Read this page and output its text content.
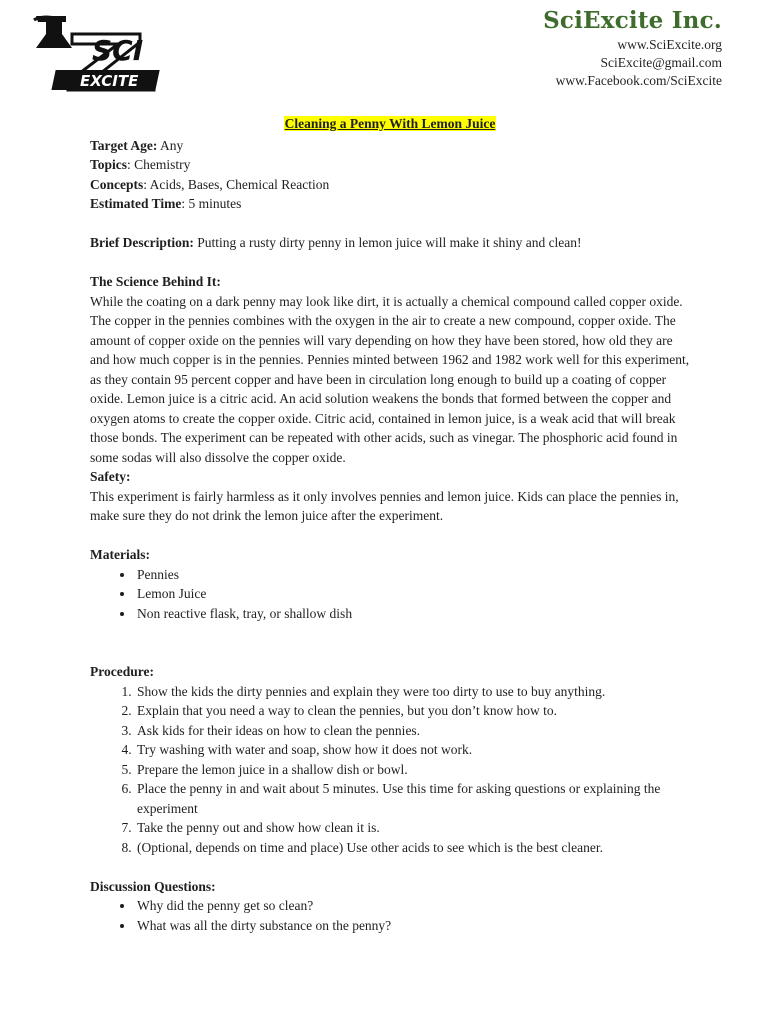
SCI
EXCITE
SciExcite Inc.
www.SciExcite.org
SciExcite@gmail.com
www.Facebook.com/SciExcite
Cleaning a Penny With Lemon Juice
Target Age: Any
Topics: Chemistry
Concepts: Acids, Bases, Chemical Reaction
Estimated Time: 5 minutes

Brief Description: Putting a rusty dirty penny in lemon juice will make it shiny and clean!

The Science Behind It:

While the coating on a dark penny may look like dirt, it is actually a chemical compound called copper oxide. The copper in the pennies combines with the oxygen in the air to create a new compound, copper oxide. The amount of copper oxide on the pennies will vary depending on how they have been stored, how old they are and how much copper is in the pennies. Pennies minted between 1962 and 1982 work well for this experiment, as they contain 95 percent copper and have been in circulation long enough to build up a coating of copper oxide. Lemon juice is a citric acid. An acid solution weakens the bonds that formed between the copper and oxygen atoms to create the copper oxide. Citric acid, contained in lemon juice, is a weak acid that will break those bonds. The experiment can be repeated with other acids, such as vinegar. The phosphoric acid found in some sodas will also dissolve the copper oxide.

Safety:

This experiment is fairly harmless as it only involves pennies and lemon juice. Kids can place the pennies in, make sure they do not drink the lemon juice after the experiment.

Materials:

• Pennies
• Lemon Juice
• Non reactive flask, tray, or shallow dish

Procedure:

1. Show the kids the dirty pennies and explain they were too dirty to use to buy anything.
2. Explain that you need a way to clean the pennies, but you don’t know how to.
3. Ask kids for their ideas on how to clean the pennies.
4. Try washing with water and soap, show how it does not work.
5. Prepare the lemon juice in a shallow dish or bowl.
6. Place the penny in and wait about 5 minutes. Use this time for asking questions or explaining the experiment
7. Take the penny out and show how clean it is.
8. (Optional, depends on time and place) Use other acids to see which is the best cleaner.

Discussion Questions:

• Why did the penny get so clean?
• What was all the dirty substance on the penny?
